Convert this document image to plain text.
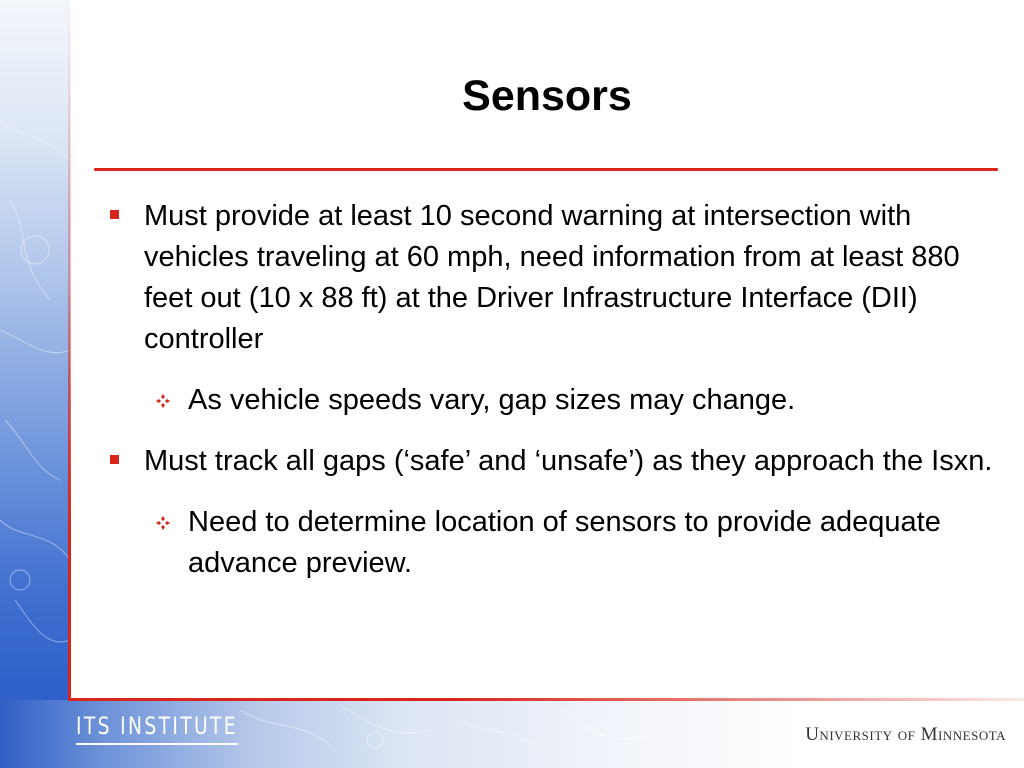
Sensors

Must provide at least 10 second warning at intersection with vehicles traveling at 60 mph, need information from at least 880 feet out (10 x 88 ft) at the Driver Infrastructure Interface (DII) controller

As vehicle speeds vary, gap sizes may change.

Must track all gaps (‘safe’ and ‘unsafe’) as they approach the Isxn.

Need to determine location of sensors to provide adequate advance preview.

ITS INSTITUTE	University of Minnesota
